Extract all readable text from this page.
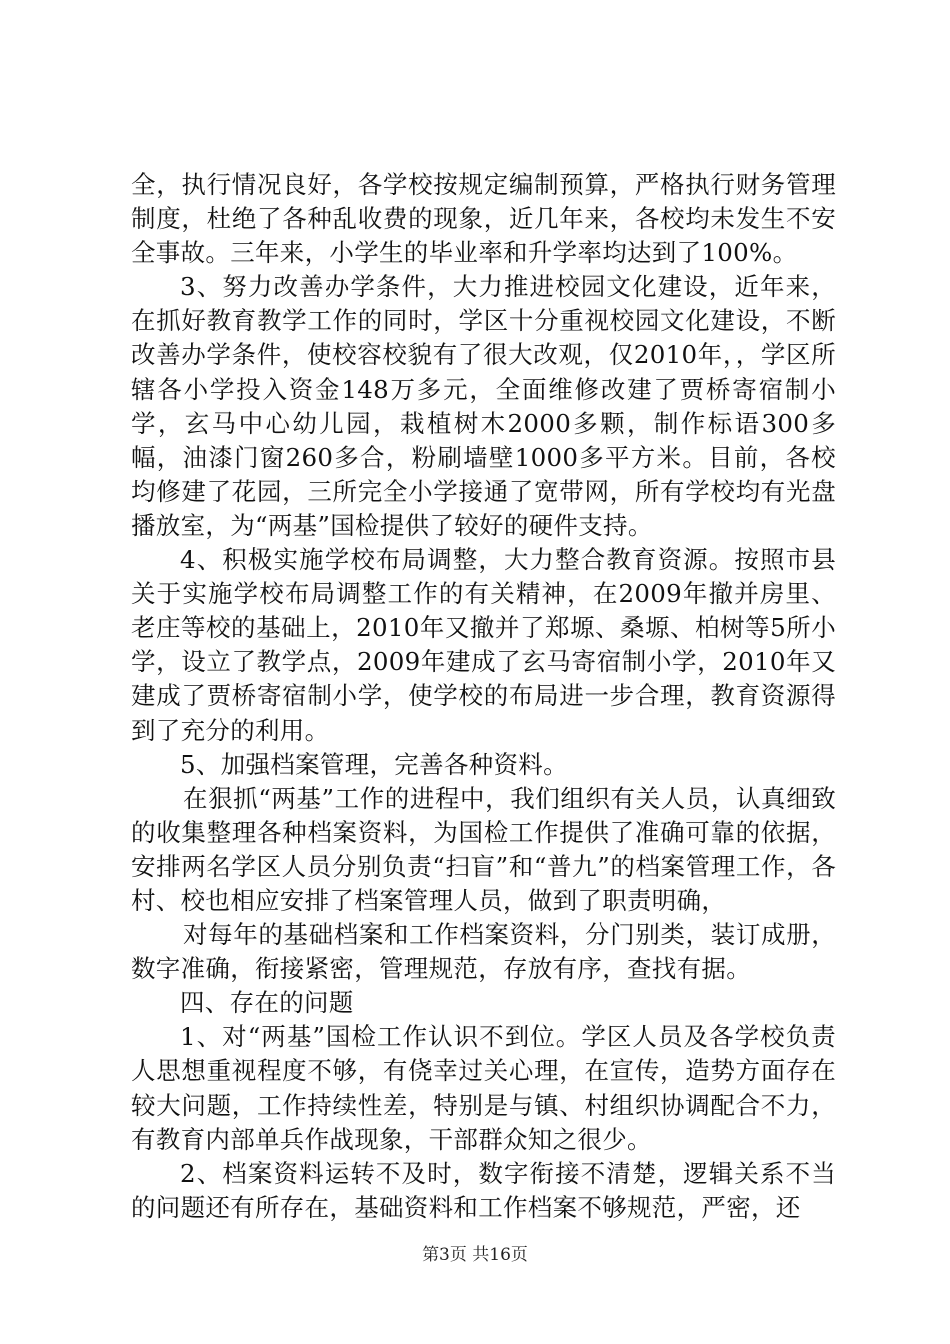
全，执行情况良好，各学校按规定编制预算，严格执行财务管理制度，杜绝了各种乱收费的现象，近几年来，各校均未发生不安全事故。三年来，小学生的毕业率和升学率均达到了100%。

3、努力改善办学条件，大力推进校园文化建设，近年来，在抓好教育教学工作的同时，学区十分重视校园文化建设，不断改善办学条件，使校容校貌有了很大改观，仅2010年，，学区所辖各小学投入资金148万多元，全面维修改建了贾桥寄宿制小学，玄马中心幼儿园，栽植树木2000多颗，制作标语300多幅，油漆门窗260多合，粉刷墙壁1000多平方米。目前，各校均修建了花园，三所完全小学接通了宽带网，所有学校均有光盘播放室，为“两基”国检提供了较好的硬件支持。

4、积极实施学校布局调整，大力整合教育资源。按照市县关于实施学校布局调整工作的有关精神，在2009年撤并房里、老庄等校的基础上，2010年又撤并了郑塬、桑塬、柏树等5所小学，设立了教学点，2009年建成了玄马寄宿制小学，2010年又建成了贾桥寄宿制小学，使学校的布局进一步合理，教育资源得到了充分的利用。

5、加强档案管理，完善各种资料。

在狠抓“两基”工作的进程中，我们组织有关人员，认真细致的收集整理各种档案资料，为国检工作提供了准确可靠的依据，安排两名学区人员分别负责“扫盲”和“普九”的档案管理工作，各村、校也相应安排了档案管理人员，做到了职责明确，

对每年的基础档案和工作档案资料，分门别类，装订成册，数字准确，衔接紧密，管理规范，存放有序，查找有据。

四、存在的问题

1、对“两基”国检工作认识不到位。学区人员及各学校负责人思想重视程度不够，有侥幸过关心理，在宣传，造势方面存在较大问题，工作持续性差，特别是与镇、村组织协调配合不力，有教育内部单兵作战现象，干部群众知之很少。

2、档案资料运转不及时，数字衔接不清楚，逻辑关系不当的问题还有所存在，基础资料和工作档案不够规范，严密，还

第3页 共16页
